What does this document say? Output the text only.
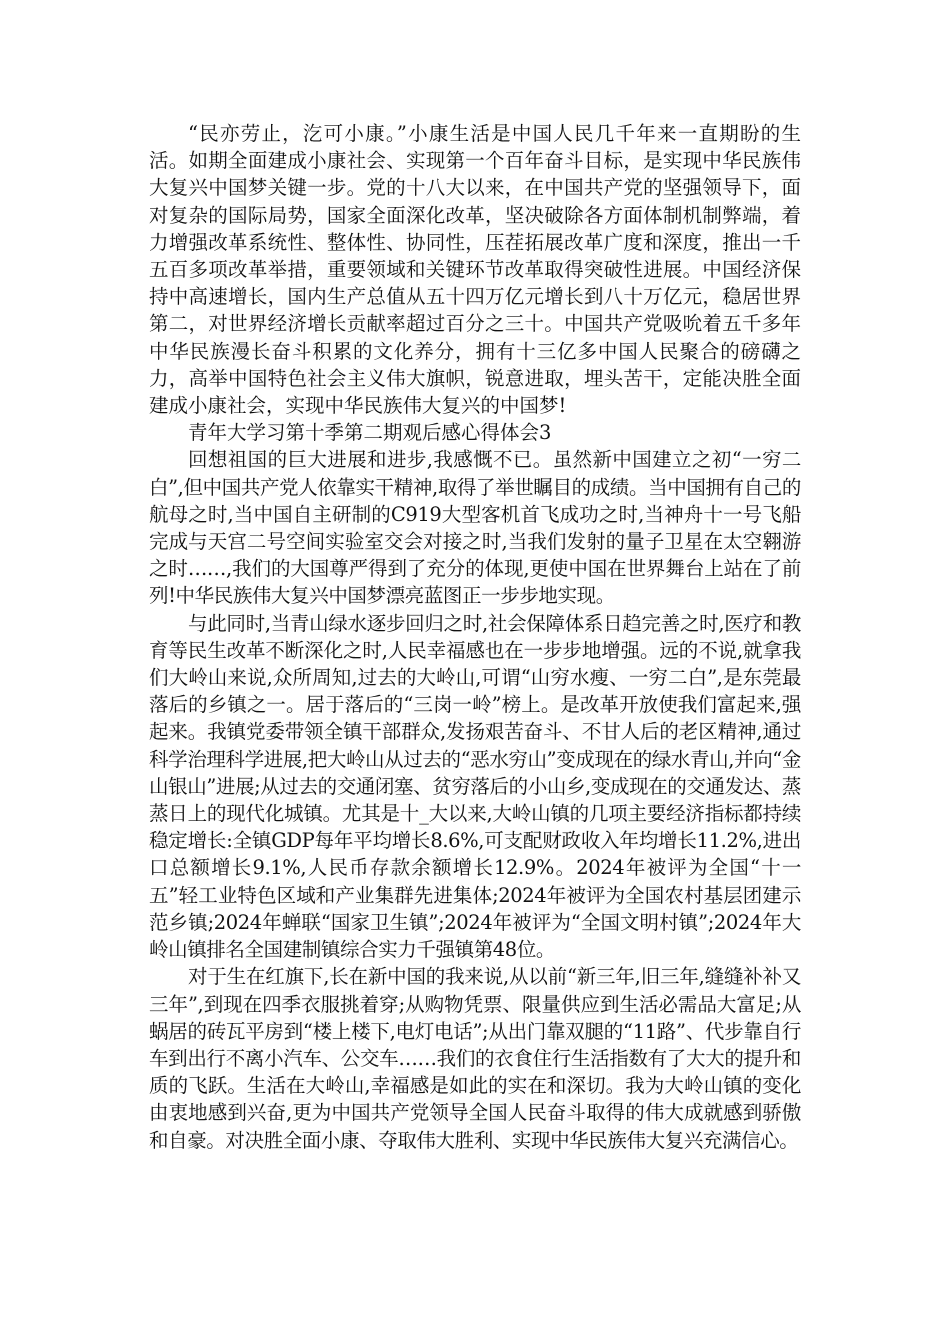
“民亦劳止，汔可小康。”小康生活是中国人民几千年来一直期盼的生活。如期全面建成小康社会、实现第一个百年奋斗目标，是实现中华民族伟大复兴中国梦关键一步。党的十八大以来，在中国共产党的坚强领导下，面对复杂的国际局势，国家全面深化改革，坚决破除各方面体制机制弊端，着力增强改革系统性、整体性、协同性，压茬拓展改革广度和深度，推出一千五百多项改革举措，重要领域和关键环节改革取得突破性进展。中国经济保持中高速增长，国内生产总值从五十四万亿元增长到八十万亿元，稳居世界第二，对世界经济增长贡献率超过百分之三十。中国共产党吸吮着五千多年中华民族漫长奋斗积累的文化养分，拥有十三亿多中国人民聚合的磅礴之力，高举中国特色社会主义伟大旗帜，锐意进取，埋头苦干，定能决胜全面建成小康社会，实现中华民族伟大复兴的中国梦!

青年大学习第十季第二期观后感心得体会3

回想祖国的巨大进展和进步,我感慨不已。虽然新中国建立之初“一穷二白”,但中国共产党人依靠实干精神,取得了举世瞩目的成绩。当中国拥有自己的航母之时,当中国自主研制的C919大型客机首飞成功之时,当神舟十一号飞船完成与天宫二号空间实验室交会对接之时,当我们发射的量子卫星在太空翱游之时……,我们的大国尊严得到了充分的体现,更使中国在世界舞台上站在了前列!中华民族伟大复兴中国梦漂亮蓝图正一步步地实现。

与此同时,当青山绿水逐步回归之时,社会保障体系日趋完善之时,医疗和教育等民生改革不断深化之时,人民幸福感也在一步步地增强。远的不说,就拿我们大岭山来说,众所周知,过去的大岭山,可谓“山穷水瘦、一穷二白”,是东莞最落后的乡镇之一。居于落后的“三岗一岭”榜上。是改革开放使我们富起来,强起来。我镇党委带领全镇干部群众,发扬艰苦奋斗、不甘人后的老区精神,通过科学治理科学进展,把大岭山从过去的“恶水穷山”变成现在的绿水青山,并向“金山银山”进展;从过去的交通闭塞、贫穷落后的小山乡,变成现在的交通发达、蒸蒸日上的现代化城镇。尤其是十_大以来,大岭山镇的几项主要经济指标都持续稳定增长:全镇GDP每年平均增长8.6%,可支配财政收入年均增长11.2%,进出口总额增长9.1%,人民币存款余额增长12.9%。2024年被评为全国“十一五”轻工业特色区域和产业集群先进集体;2024年被评为全国农村基层团建示范乡镇;2024年蝉联“国家卫生镇”;2024年被评为“全国文明村镇”;2024年大岭山镇排名全国建制镇综合实力千强镇第48位。

对于生在红旗下,长在新中国的我来说,从以前“新三年,旧三年,缝缝补补又三年”,到现在四季衣服挑着穿;从购物凭票、限量供应到生活必需品大富足;从蜗居的砖瓦平房到“楼上楼下,电灯电话”;从出门靠双腿的“11路”、代步靠自行车到出行不离小汽车、公交车……我们的衣食住行生活指数有了大大的提升和质的飞跃。生活在大岭山,幸福感是如此的实在和深切。我为大岭山镇的变化由衷地感到兴奋,更为中国共产党领导全国人民奋斗取得的伟大成就感到骄傲和自豪。对决胜全面小康、夺取伟大胜利、实现中华民族伟大复兴充满信心。
